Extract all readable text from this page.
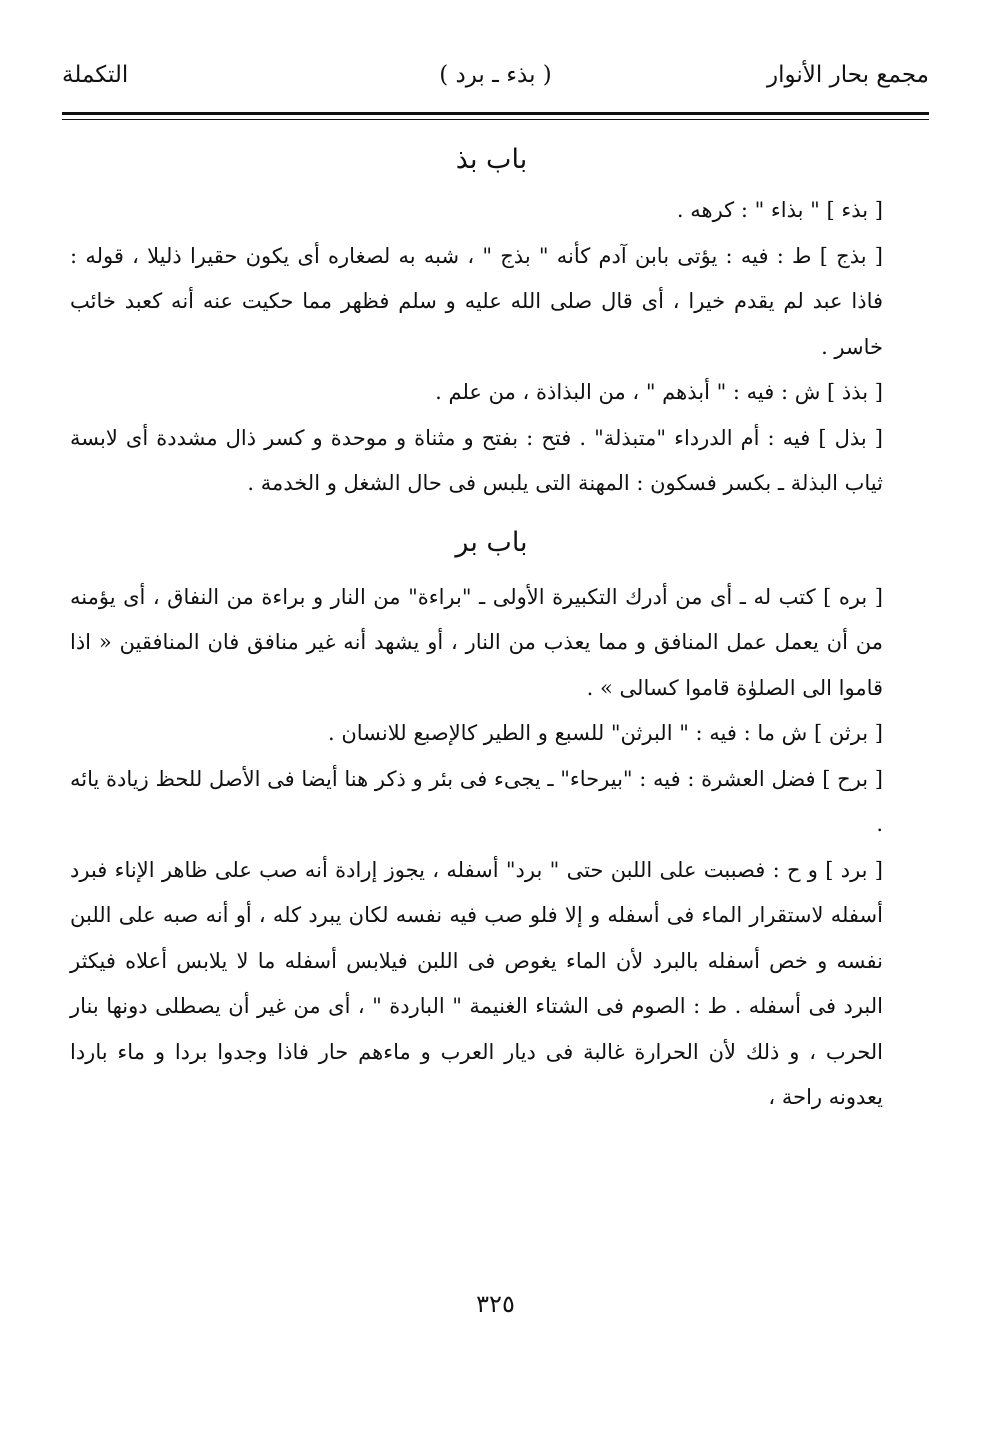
مجمع بحار الأنوار
( بذء ـ برد )
التكملة
باب بذ

[ بذء ] " بذاء " : كرهه .

[ بذج ] ط : فيه : يؤتى بابن آدم كأنه " بذج " ، شبه به لصغاره أى يكون حقيرا ذليلا ، قوله : فاذا عبد لم يقدم خيرا ، أى قال صلى الله عليه و سلم فظهر مما حكيت عنه أنه كعبد خائب خاسر .

[ بذذ ] ش : فيه : " أبذهم " ، من البذاذة ، من علم .

[ بذل ] فيه : أم الدرداء "متبذلة" . فتح : بفتح و مثناة و موحدة و كسر ذال مشددة أى لابسة ثياب البذلة ـ بكسر فسكون : المهنة التى يلبس فى حال الشغل و الخدمة .

باب بر

[ بره ] كتب له ـ أى من أدرك التكبيرة الأولى ـ "براءة" من النار و براءة من النفاق ، أى يؤمنه من أن يعمل عمل المنافق و مما يعذب من النار ، أو يشهد أنه غير منافق فان المنافقين « اذا قاموا الى الصلوٰة قاموا كسالى » .

[ برثن ] ش ما : فيه : " البرثن" للسبع و الطير كالإصبع للانسان .

[ برح ] فضل العشرة : فيه : "بيرحاء" ـ يجىء فى بئر و ذكر هنا أيضا فى الأصل للحظ زيادة يائه .

[ برد ] و ح : فصببت على اللبن حتى " برد" أسفله ، يجوز إرادة أنه صب على ظاهر الإناء فبرد أسفله لاستقرار الماء فى أسفله و إلا فلو صب فيه نفسه لكان يبرد كله ، أو أنه صبه على اللبن نفسه و خص أسفله بالبرد لأن الماء يغوص فى اللبن فيلابس أسفله ما لا يلابس أعلاه فيكثر البرد فى أسفله . ط : الصوم فى الشتاء الغنيمة " الباردة " ، أى من غير أن يصطلى دونها بنار الحرب ، و ذلك لأن الحرارة غالبة فى ديار العرب و ماءهم حار فاذا وجدوا بردا و ماء باردا يعدونه راحة ،

٣٢٥
